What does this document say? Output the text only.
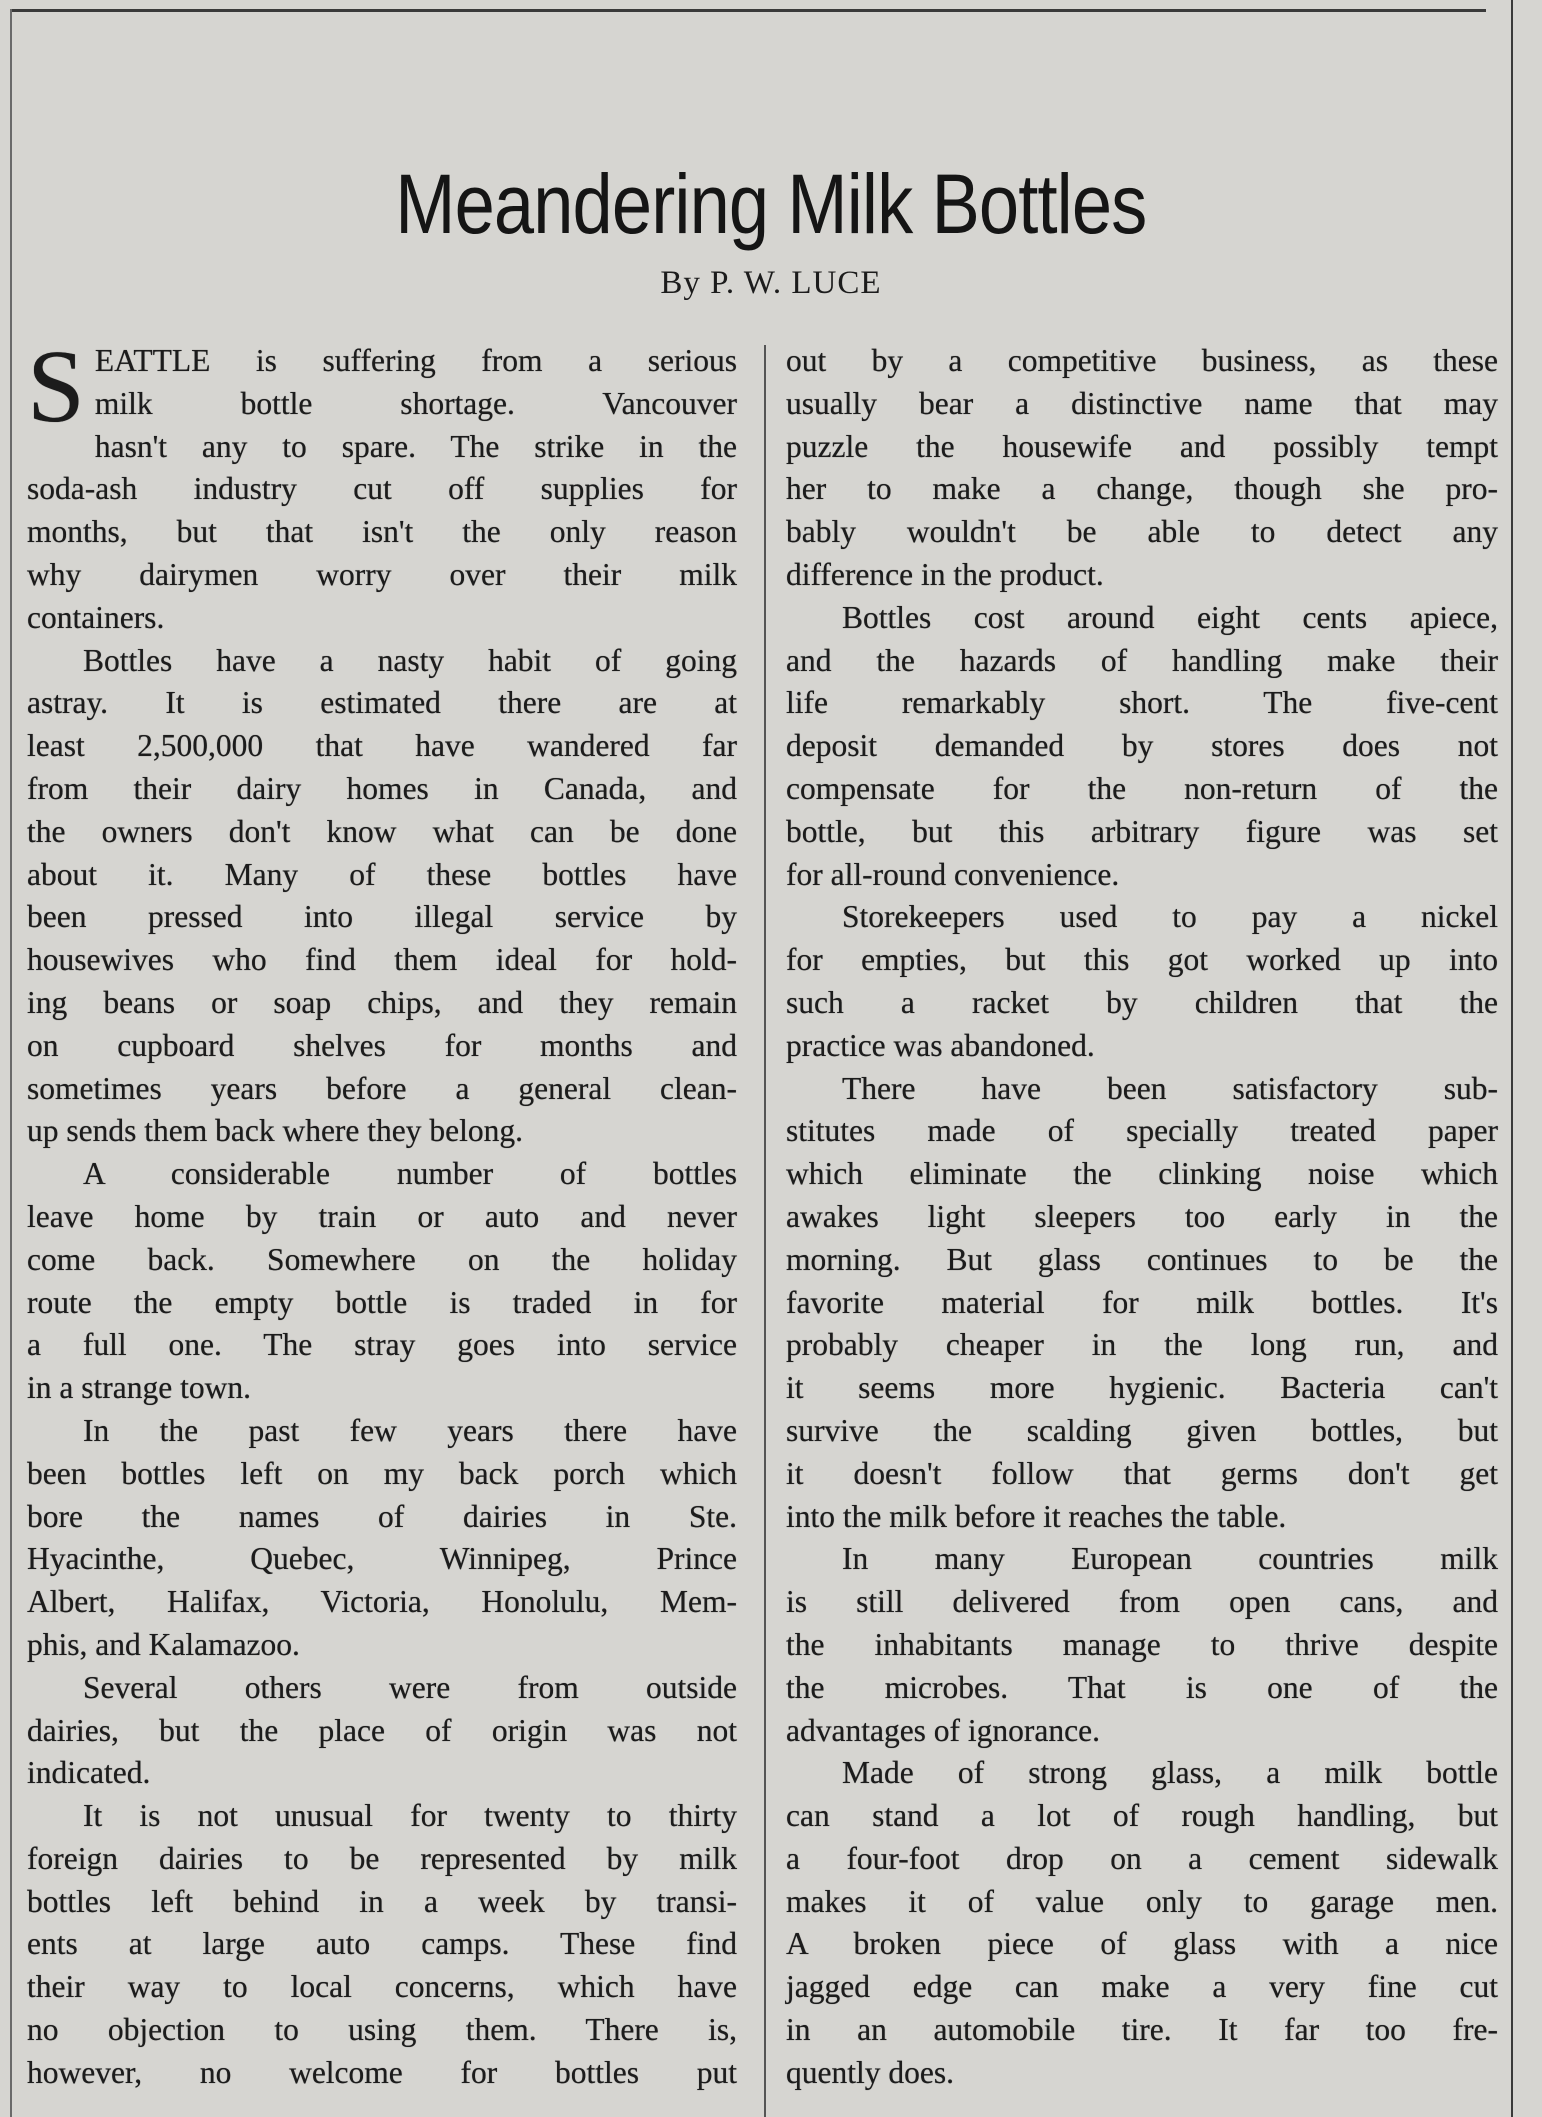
Meandering Milk Bottles
By P. W. LUCE
S EATTLE is suffering from a serious
milk bottle shortage. Vancouver
hasn't any to spare. The strike in the
soda-ash industry cut off supplies for
months, but that isn't the only reason
why dairymen worry over their milk
containers.
Bottles have a nasty habit of going
astray. It is estimated there are at
least 2,500,000 that have wandered far
from their dairy homes in Canada, and
the owners don't know what can be done
about it. Many of these bottles have
been pressed into illegal service by
housewives who find them ideal for hold-
ing beans or soap chips, and they remain
on cupboard shelves for months and
sometimes years before a general clean-
up sends them back where they belong.
A considerable number of bottles
leave home by train or auto and never
come back. Somewhere on the holiday
route the empty bottle is traded in for
a full one. The stray goes into service
in a strange town.
In the past few years there have
been bottles left on my back porch which
bore the names of dairies in Ste.
Hyacinthe, Quebec, Winnipeg, Prince
Albert, Halifax, Victoria, Honolulu, Mem-
phis, and Kalamazoo.
Several others were from outside
dairies, but the place of origin was not
indicated.
It is not unusual for twenty to thirty
foreign dairies to be represented by milk
bottles left behind in a week by transi-
ents at large auto camps. These find
their way to local concerns, which have
no objection to using them. There is,
however, no welcome for bottles put
out by a competitive business, as these
usually bear a distinctive name that may
puzzle the housewife and possibly tempt
her to make a change, though she pro-
bably wouldn't be able to detect any
difference in the product.
Bottles cost around eight cents apiece,
and the hazards of handling make their
life remarkably short. The five-cent
deposit demanded by stores does not
compensate for the non-return of the
bottle, but this arbitrary figure was set
for all-round convenience.
Storekeepers used to pay a nickel
for empties, but this got worked up into
such a racket by children that the
practice was abandoned.
There have been satisfactory sub-
stitutes made of specially treated paper
which eliminate the clinking noise which
awakes light sleepers too early in the
morning. But glass continues to be the
favorite material for milk bottles. It's
probably cheaper in the long run, and
it seems more hygienic. Bacteria can't
survive the scalding given bottles, but
it doesn't follow that germs don't get
into the milk before it reaches the table.
In many European countries milk
is still delivered from open cans, and
the inhabitants manage to thrive despite
the microbes. That is one of the
advantages of ignorance.
Made of strong glass, a milk bottle
can stand a lot of rough handling, but
a four-foot drop on a cement sidewalk
makes it of value only to garage men.
A broken piece of glass with a nice
jagged edge can make a very fine cut
in an automobile tire. It far too fre-
quently does.
